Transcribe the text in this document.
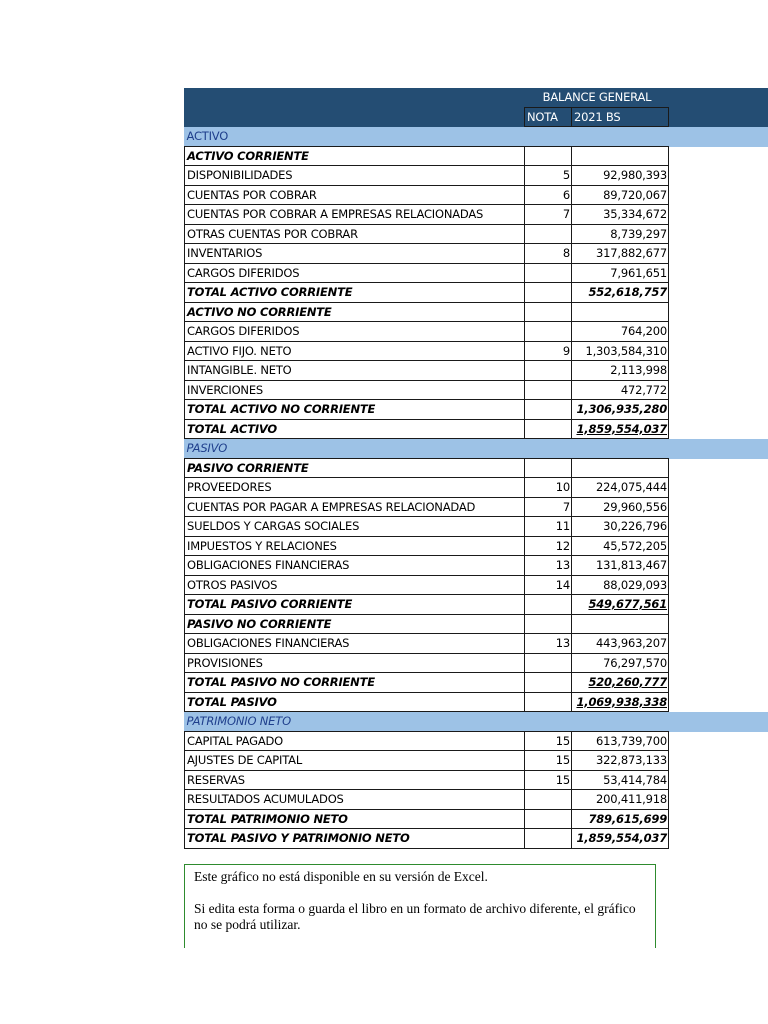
	BALANCE GENERAL	
	NOTA	2021 BS
ACTIVO		
ACTIVO CORRIENTE		
DISPONIBILIDADES	5	92,980,393
CUENTAS POR COBRAR	6	89,720,067
CUENTAS POR COBRAR A EMPRESAS RELACIONADAS	7	35,334,672
OTRAS CUENTAS POR COBRAR		8,739,297
INVENTARIOS	8	317,882,677
CARGOS DIFERIDOS		7,961,651
TOTAL ACTIVO CORRIENTE		552,618,757
ACTIVO NO CORRIENTE		
CARGOS DIFERIDOS		764,200
ACTIVO FIJO. NETO	9	1,303,584,310
INTANGIBLE. NETO		2,113,998
INVERCIONES		472,772
TOTAL ACTIVO NO CORRIENTE		1,306,935,280
TOTAL ACTIVO		1,859,554,037
PASIVO		
PASIVO CORRIENTE		
PROVEEDORES	10	224,075,444
CUENTAS POR PAGAR A EMPRESAS RELACIONADAD	7	29,960,556
SUELDOS Y CARGAS SOCIALES	11	30,226,796
IMPUESTOS Y RELACIONES	12	45,572,205
OBLIGACIONES FINANCIERAS	13	131,813,467
OTROS PASIVOS	14	88,029,093
TOTAL PASIVO CORRIENTE		549,677,561
PASIVO NO CORRIENTE		
OBLIGACIONES FINANCIERAS	13	443,963,207
PROVISIONES		76,297,570
TOTAL PASIVO NO CORRIENTE		520,260,777
TOTAL PASIVO		1,069,938,338
PATRIMONIO NETO		
CAPITAL PAGADO	15	613,739,700
AJUSTES DE CAPITAL	15	322,873,133
RESERVAS	15	53,414,784
RESULTADOS ACUMULADOS		200,411,918
TOTAL PATRIMONIO NETO		789,615,699
TOTAL PASIVO Y PATRIMONIO NETO		1,859,554,037

Este gráfico no está disponible en su versión de Excel.

Si edita esta forma o guarda el libro en un formato de archivo diferente, el gráfico no se podrá utilizar.
